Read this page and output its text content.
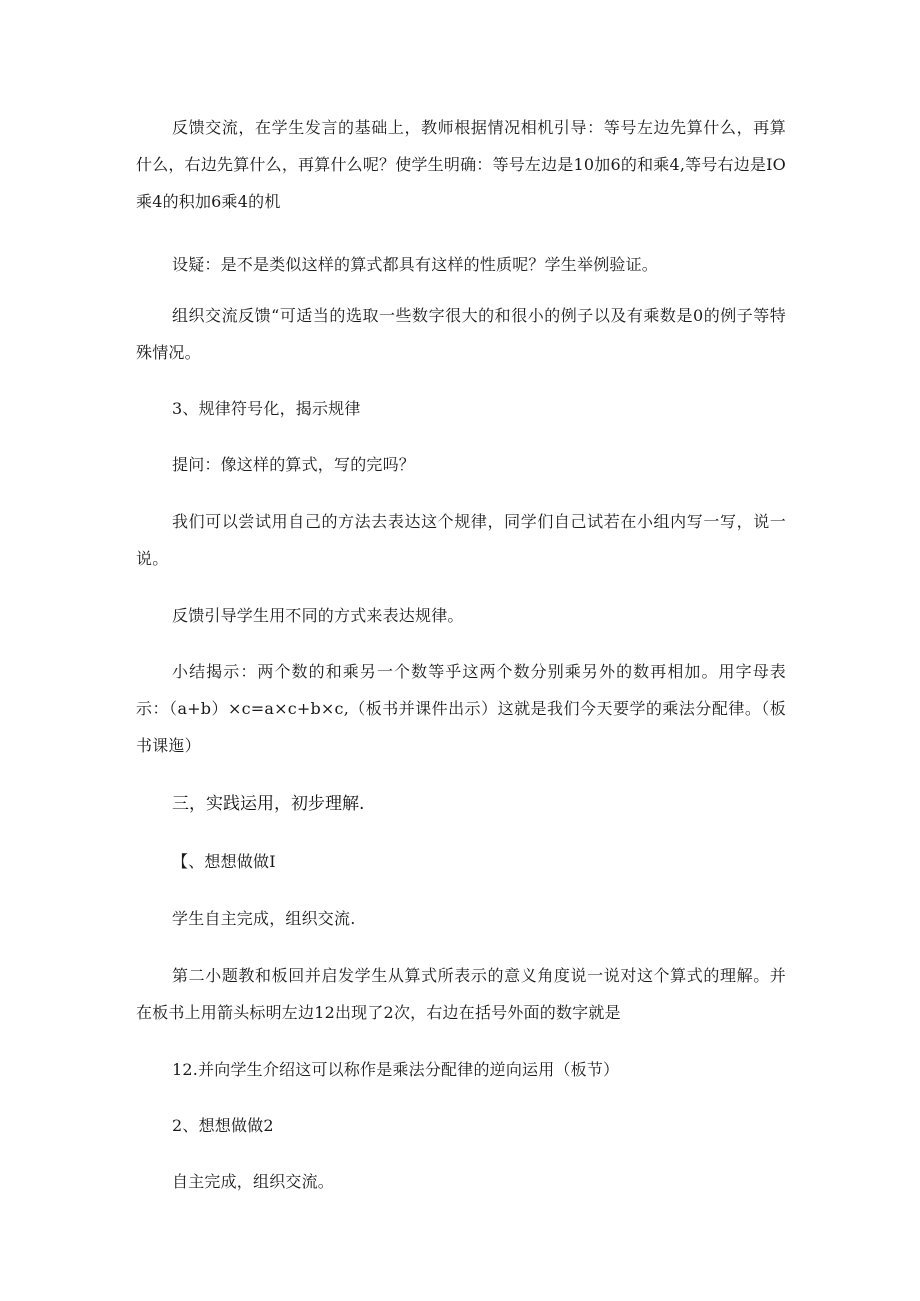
反馈交流，在学生发言的基础上，教师根据情况相机引导：等号左边先算什么，再算什么，右边先算什么，再算什么呢？使学生明确：等号左边是10加6的和乘4,等号右边是IO乘4的积加6乘4的机

设疑：是不是类似这样的算式都具有这样的性质呢？学生举例验证。

组织交流反馈“可适当的选取一些数字很大的和很小的例子以及有乘数是0的例子等特殊情况。

3、规律符号化，揭示规律

提问：像这样的算式，写的完吗？

我们可以尝试用自己的方法去表达这个规律，同学们自己试若在小组内写一写，说一说。

反馈引导学生用不同的方式来表达规律。

小结揭示：两个数的和乘另一个数等乎这两个数分别乘另外的数再相加。用字母表示：（a+b）×c=a×c+b×c,（板书并课件出示）这就是我们今天要学的乘法分配律。（板书课迤）

三，实践运用，初步理解.

【、想想做做I

学生自主完成，组织交流.

第二小题教和板回并启发学生从算式所表示的意义角度说一说对这个算式的理解。并在板书上用箭头标明左边12出现了2次，右边在括号外面的数字就是

12.并向学生介绍这可以称作是乘法分配律的逆向运用（板节）

2、想想做做2

自主完成，组织交流。
